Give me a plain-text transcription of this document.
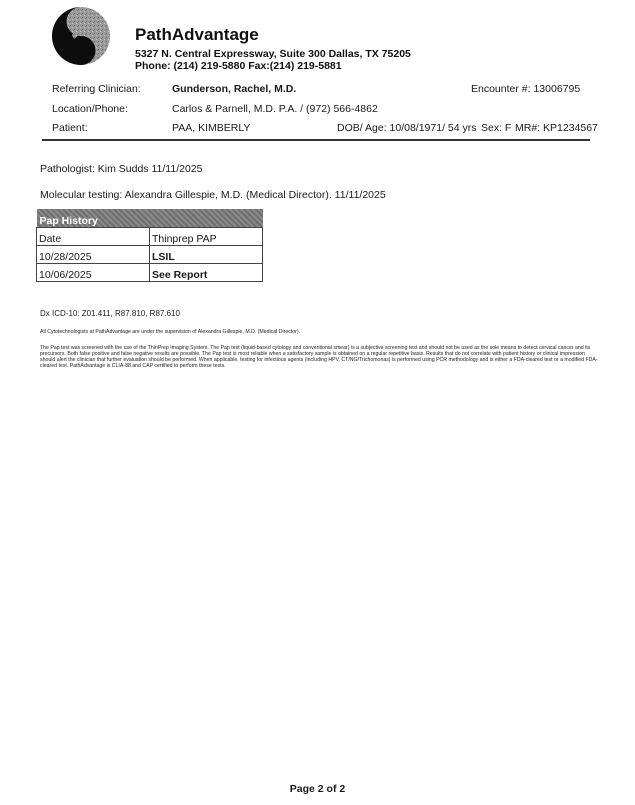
PathAdvantage
5327 N. Central Expressway, Suite 300 Dallas, TX 75205
Phone: (214) 219-5880 Fax:(214) 219-5881
Referring Clinician:	Gunderson, Rachel, M.D.	Encounter #: 13006795
Location/Phone:	Carlos & Parnell, M.D. P.A. / (972) 566-4862
Patient:	PAA, KIMBERLY	DOB/ Age: 10/08/1971/ 54 yrs Sex: F MR#: KP1234567
Pathologist: Kim Sudds 11/11/2025
Molecular testing: Alexandra Gillespie, M.D. (Medical Director). 11/11/2025
Pap History	
Date	Thinprep PAP
10/28/2025	LSIL
10/06/2025	See Report
Dx ICD-10: Z01.411, R87.810, R87.610
All Cytotechnologists at PathAdvantage are under the supervision of Alexandra Gillespie, M.D. (Medical Director).
The Pap test was screened with the use of the ThinPrep Imaging System. The Pap test (liquid-based cytology and conventional smear) is a subjective screening test and should not be used as the sole means to detect cervical cancer and its precursors. Both false positive and false negative results are possible. The Pap test is most reliable when a satisfactory sample is obtained on a regular repetitive basis. Results that do not correlate with patient history or clinical impression should alert the clinician that further evaluation should be performed. When applicable, testing for infectious agents (including HPV, CT/NG/Trichomonas) is performed using PCR methodology and is either a FDA-cleared test or a modified FDA-cleared test. PathAdvantage is CLIA-88 and CAP certified to perform these tests.
Page 2 of 2
